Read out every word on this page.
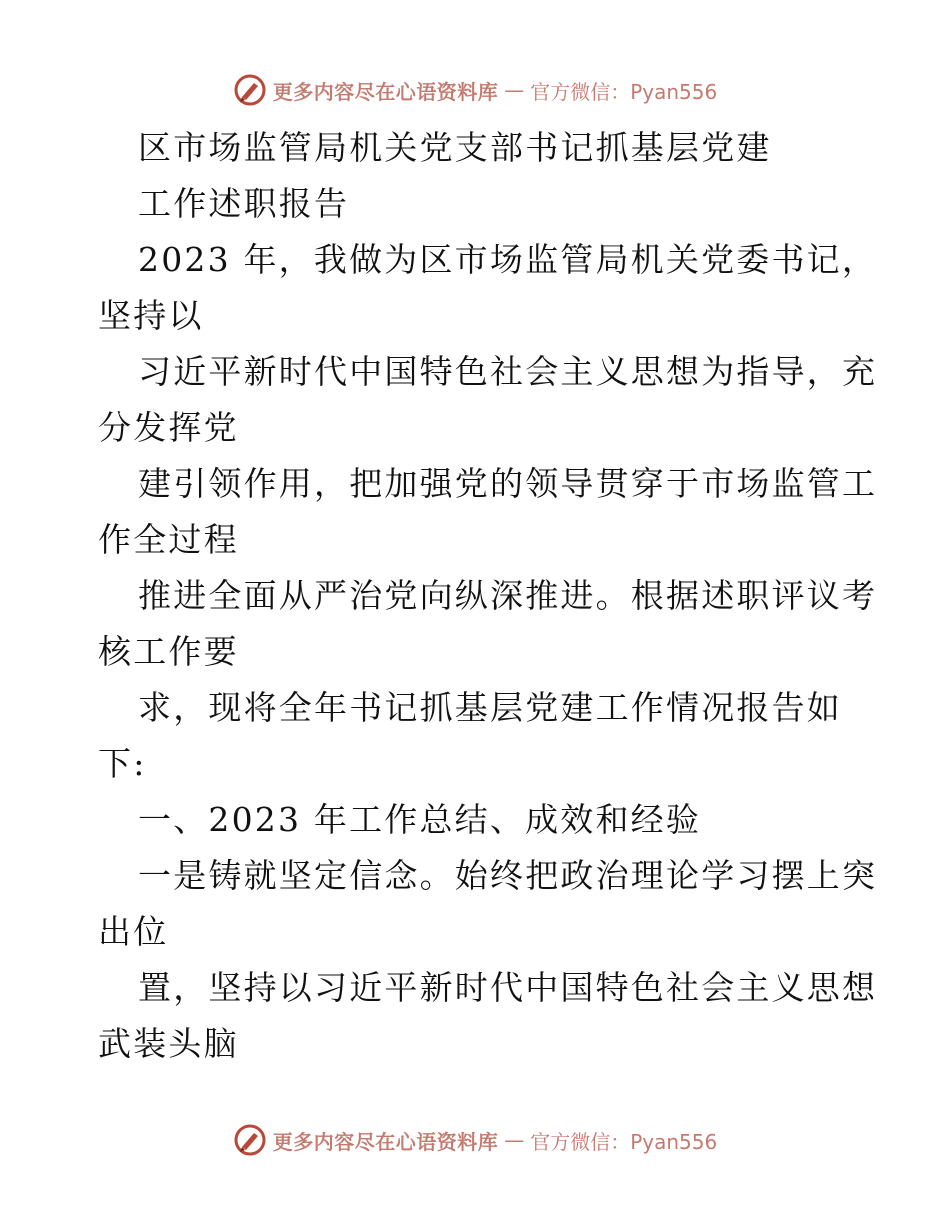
更多内容尽在心语资料库 — 官方微信：Pyan556
区市场监管局机关党支部书记抓基层党建
工作述职报告
2023 年，我做为区市场监管局机关党委书记，
坚持以
习近平新时代中国特色社会主义思想为指导，充
分发挥党
建引领作用，把加强党的领导贯穿于市场监管工
作全过程
推进全面从严治党向纵深推进。根据述职评议考
核工作要
求，现将全年书记抓基层党建工作情况报告如
下:
一、2023 年工作总结、成效和经验
一是铸就坚定信念。始终把政治理论学习摆上突
出位
置，坚持以习近平新时代中国特色社会主义思想
武装头脑
更多内容尽在心语资料库 — 官方微信：Pyan556
